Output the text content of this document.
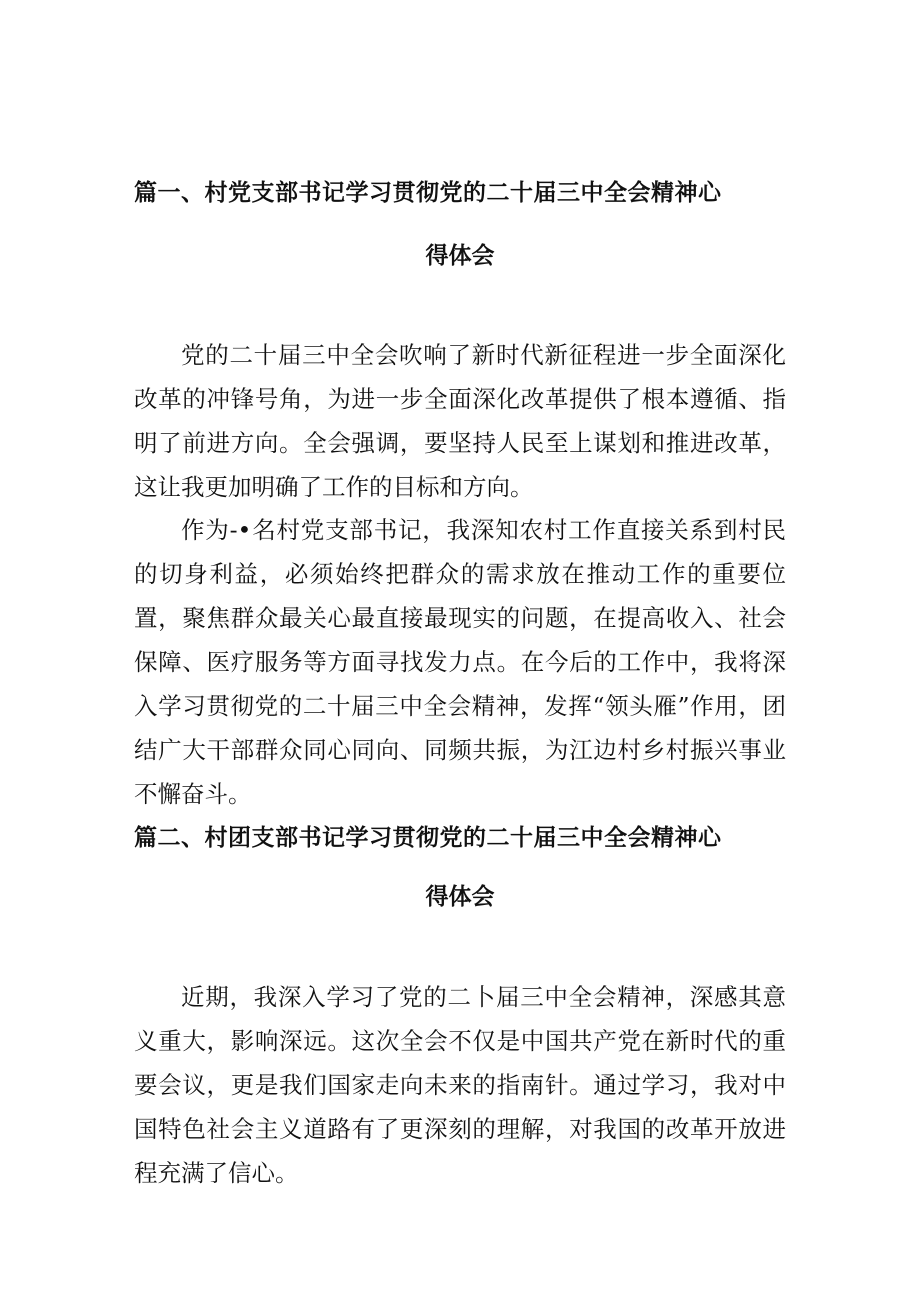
篇一、村党支部书记学习贯彻党的二十届三中全会精神心
得体会

党的二十届三中全会吹响了新时代新征程进一步全面深化改革的冲锋号角，为进一步全面深化改革提供了根本遵循、指明了前进方向。全会强调，要坚持人民至上谋划和推进改革，这让我更加明确了工作的目标和方向。

作为-•名村党支部书记，我深知农村工作直接关系到村民的切身利益，必须始终把群众的需求放在推动工作的重要位置，聚焦群众最关心最直接最现实的问题，在提高收入、社会保障、医疗服务等方面寻找发力点。在今后的工作中，我将深入学习贯彻党的二十届三中全会精神，发挥“领头雁”作用，团结广大干部群众同心同向、同频共振，为江边村乡村振兴事业不懈奋斗。

篇二、村团支部书记学习贯彻党的二十届三中全会精神心
得体会

近期，我深入学习了党的二卜届三中全会精神，深感其意义重大，影响深远。这次全会不仅是中国共产党在新时代的重要会议，更是我们国家走向未来的指南针。通过学习，我对中国特色社会主义道路有了更深刻的理解，对我国的改革开放进程充满了信心。
